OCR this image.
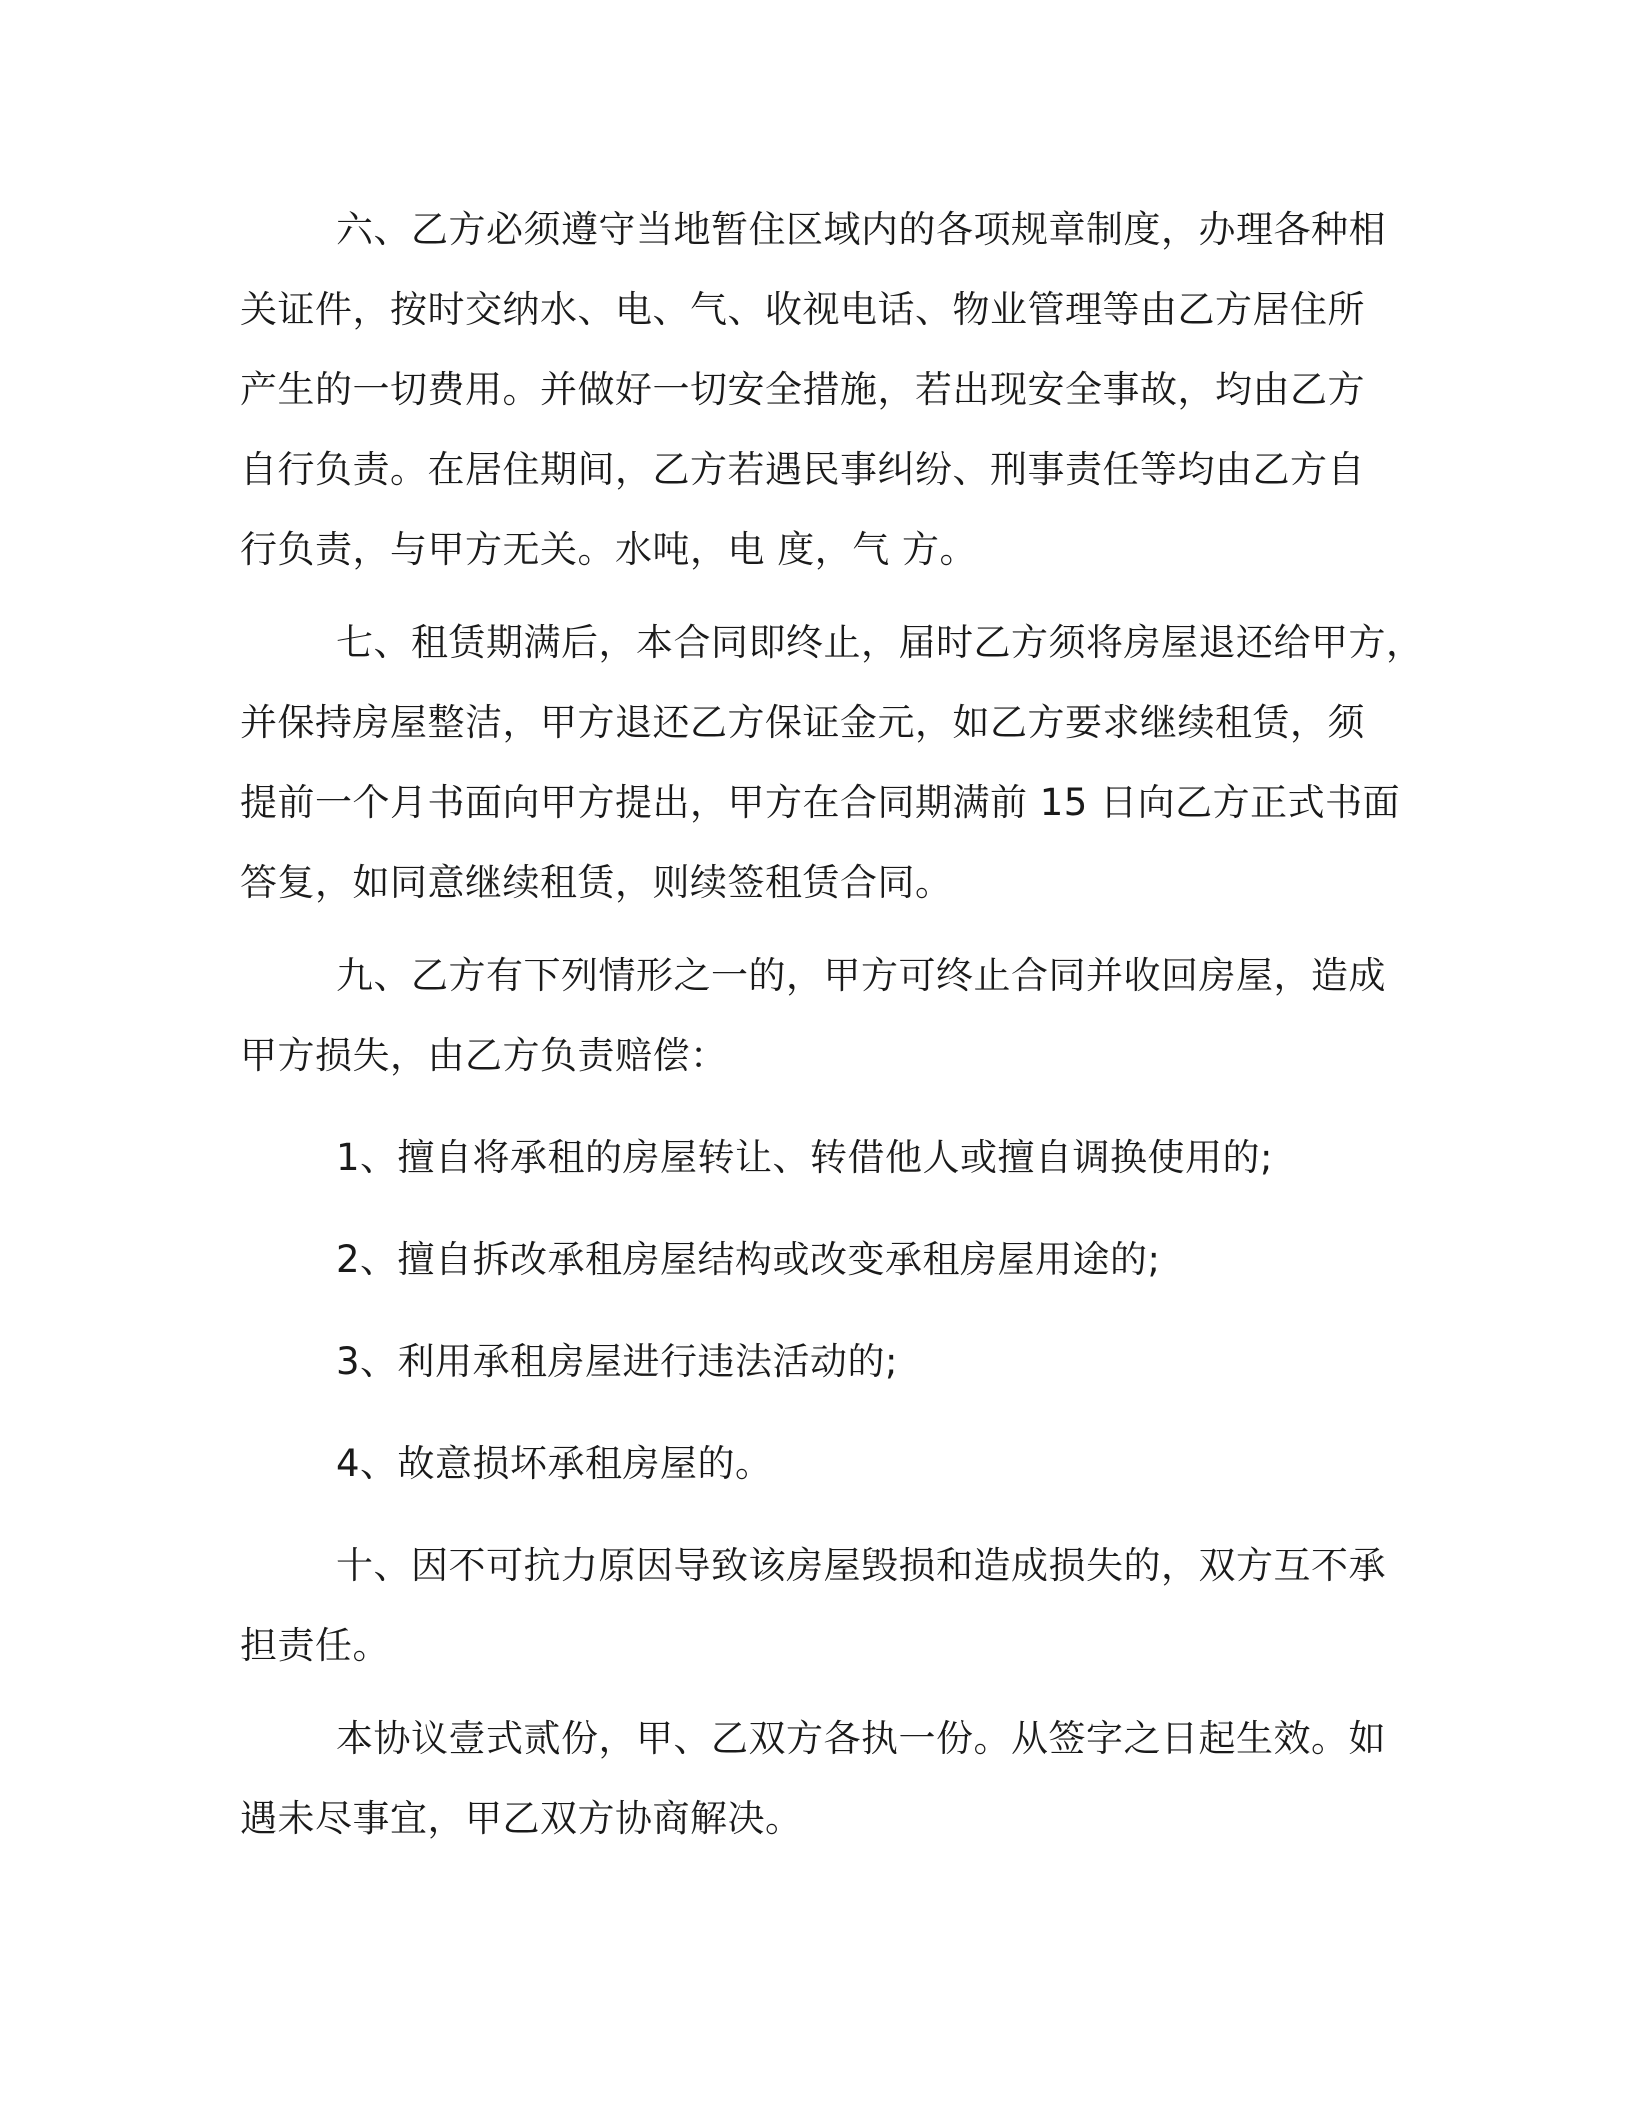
六、乙方必须遵守当地暂住区域内的各项规章制度，办理各种相
关证件，按时交纳水、电、气、收视电话、物业管理等由乙方居住所
产生的一切费用。并做好一切安全措施，若出现安全事故，均由乙方
自行负责。在居住期间，乙方若遇民事纠纷、刑事责任等均由乙方自
行负责，与甲方无关。水吨，电 度，气 方。
七、租赁期满后，本合同即终止，届时乙方须将房屋退还给甲方，
并保持房屋整洁，甲方退还乙方保证金元，如乙方要求继续租赁，须
提前一个月书面向甲方提出，甲方在合同期满前 15 日向乙方正式书面
答复，如同意继续租赁，则续签租赁合同。
九、乙方有下列情形之一的，甲方可终止合同并收回房屋，造成
甲方损失，由乙方负责赔偿：
1、擅自将承租的房屋转让、转借他人或擅自调换使用的;
2、擅自拆改承租房屋结构或改变承租房屋用途的;
3、利用承租房屋进行违法活动的;
4、故意损坏承租房屋的。
十、因不可抗力原因导致该房屋毁损和造成损失的，双方互不承
担责任。
本协议壹式贰份，甲、乙双方各执一份。从签字之日起生效。如
遇未尽事宜，甲乙双方协商解决。
